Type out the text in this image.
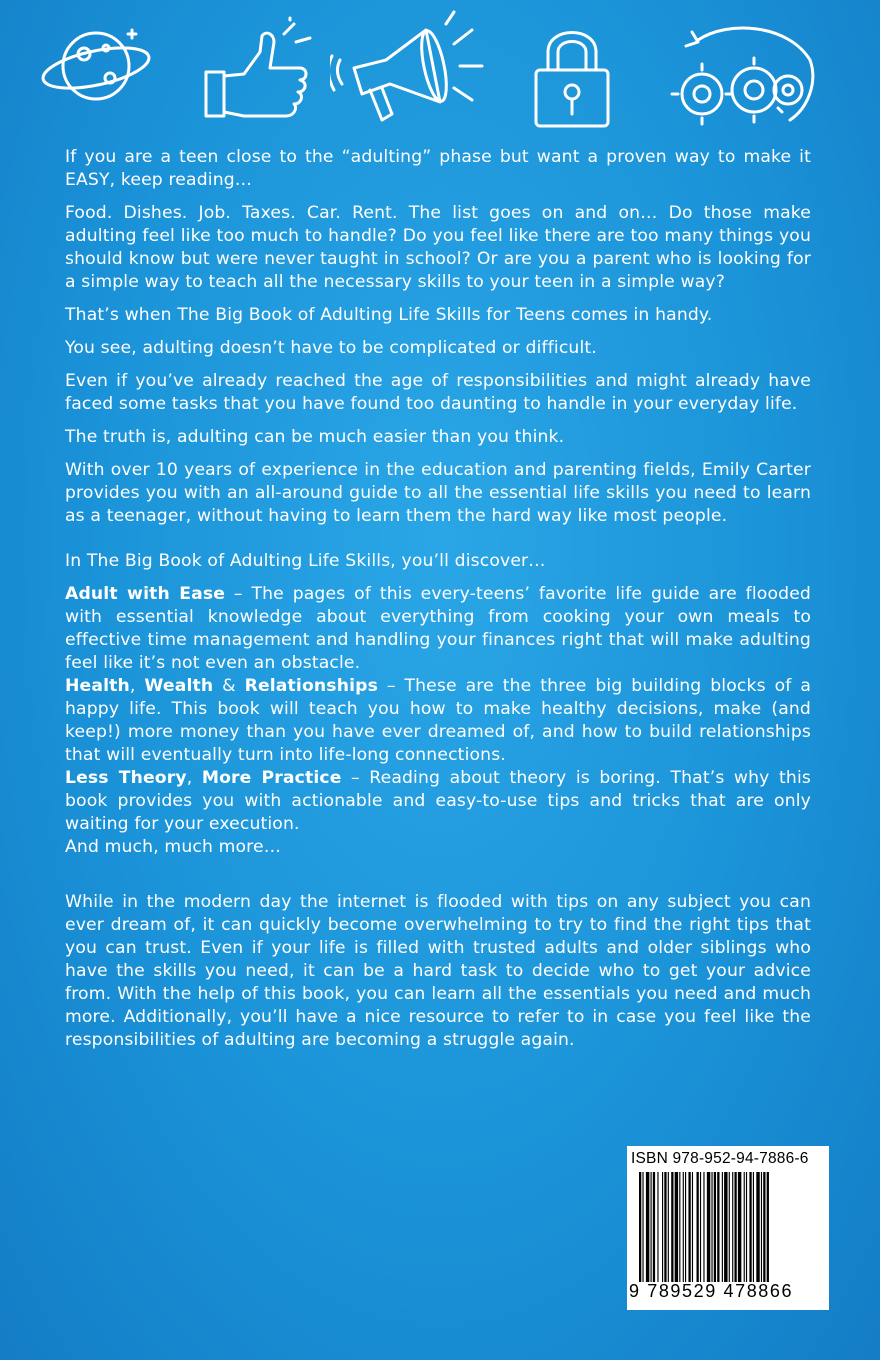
If you are a teen close to the “adulting” phase but want a proven way to make it EASY, keep reading…

Food. Dishes. Job. Taxes. Car. Rent. The list goes on and on… Do those make adulting feel like too much to handle? Do you feel like there are too many things you should know but were never taught in school? Or are you a parent who is looking for a simple way to teach all the necessary skills to your teen in a simple way?

That’s when The Big Book of Adulting Life Skills for Teens comes in handy.

You see, adulting doesn’t have to be complicated or difficult.

Even if you’ve already reached the age of responsibilities and might already have faced some tasks that you have found too daunting to handle in your everyday life.

The truth is, adulting can be much easier than you think.

With over 10 years of experience in the education and parenting fields, Emily Carter provides you with an all-around guide to all the essential life skills you need to learn as a teenager, without having to learn them the hard way like most people.

In The Big Book of Adulting Life Skills, you’ll discover…

Adult with Ease – The pages of this every-teens’ favorite life guide are flooded with essential knowledge about everything from cooking your own meals to effective time management and handling your finances right that will make adulting feel like it’s not even an obstacle.
Health, Wealth & Relationships – These are the three big building blocks of a happy life. This book will teach you how to make healthy decisions, make (and keep!) more money than you have ever dreamed of, and how to build relationships that will eventually turn into life-long connections.
Less Theory, More Practice – Reading about theory is boring. That’s why this book provides you with actionable and easy-to-use tips and tricks that are only waiting for your execution.
And much, much more…

While in the modern day the internet is flooded with tips on any subject you can ever dream of, it can quickly become overwhelming to try to find the right tips that you can trust. Even if your life is filled with trusted adults and older siblings who have the skills you need, it can be a hard task to decide who to get your advice from. With the help of this book, you can learn all the essentials you need and much more. Additionally, you’ll have a nice resource to refer to in case you feel like the responsibilities of adulting are becoming a struggle again.

ISBN 978-952-94-7886-6
9 789529 478866
